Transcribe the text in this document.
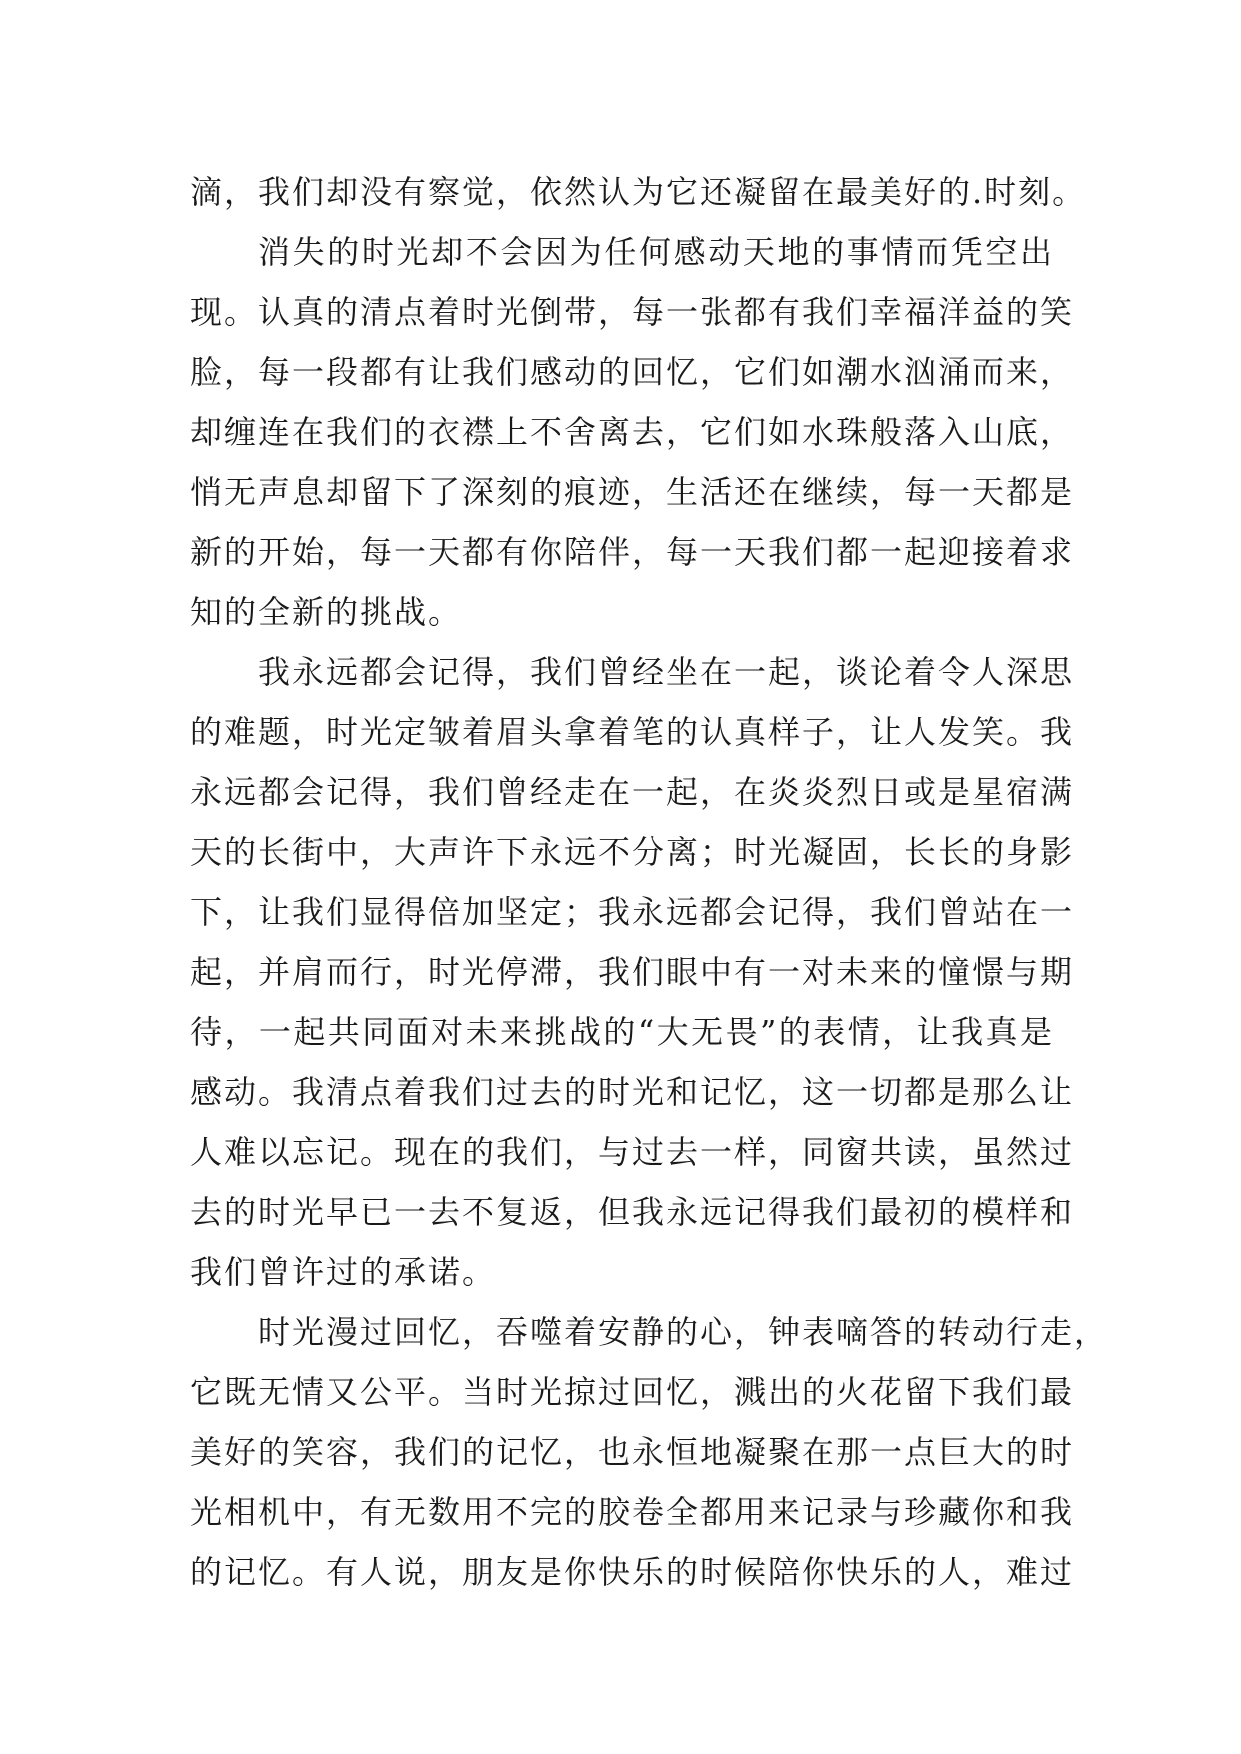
滴，我们却没有察觉，依然认为它还凝留在最美好的.时刻。
消失的时光却不会因为任何感动天地的事情而凭空出
现。认真的清点着时光倒带，每一张都有我们幸福洋益的笑
脸，每一段都有让我们感动的回忆，它们如潮水汹涌而来，
却缠连在我们的衣襟上不舍离去，它们如水珠般落入山底，
悄无声息却留下了深刻的痕迹，生活还在继续，每一天都是
新的开始，每一天都有你陪伴，每一天我们都一起迎接着求
知的全新的挑战。
我永远都会记得，我们曾经坐在一起，谈论着令人深思
的难题，时光定皱着眉头拿着笔的认真样子，让人发笑。我
永远都会记得，我们曾经走在一起，在炎炎烈日或是星宿满
天的长街中，大声许下永远不分离；时光凝固，长长的身影
下，让我们显得倍加坚定；我永远都会记得，我们曾站在一
起，并肩而行，时光停滞，我们眼中有一对未来的憧憬与期
待，一起共同面对未来挑战的“大无畏”的表情，让我真是
感动。我清点着我们过去的时光和记忆，这一切都是那么让
人难以忘记。现在的我们，与过去一样，同窗共读，虽然过
去的时光早已一去不复返，但我永远记得我们最初的模样和
我们曾许过的承诺。
时光漫过回忆，吞噬着安静的心，钟表嘀答的转动行走，
它既无情又公平。当时光掠过回忆，溅出的火花留下我们最
美好的笑容，我们的记忆，也永恒地凝聚在那一点巨大的时
光相机中，有无数用不完的胶卷全都用来记录与珍藏你和我
的记忆。有人说，朋友是你快乐的时候陪你快乐的人，难过
